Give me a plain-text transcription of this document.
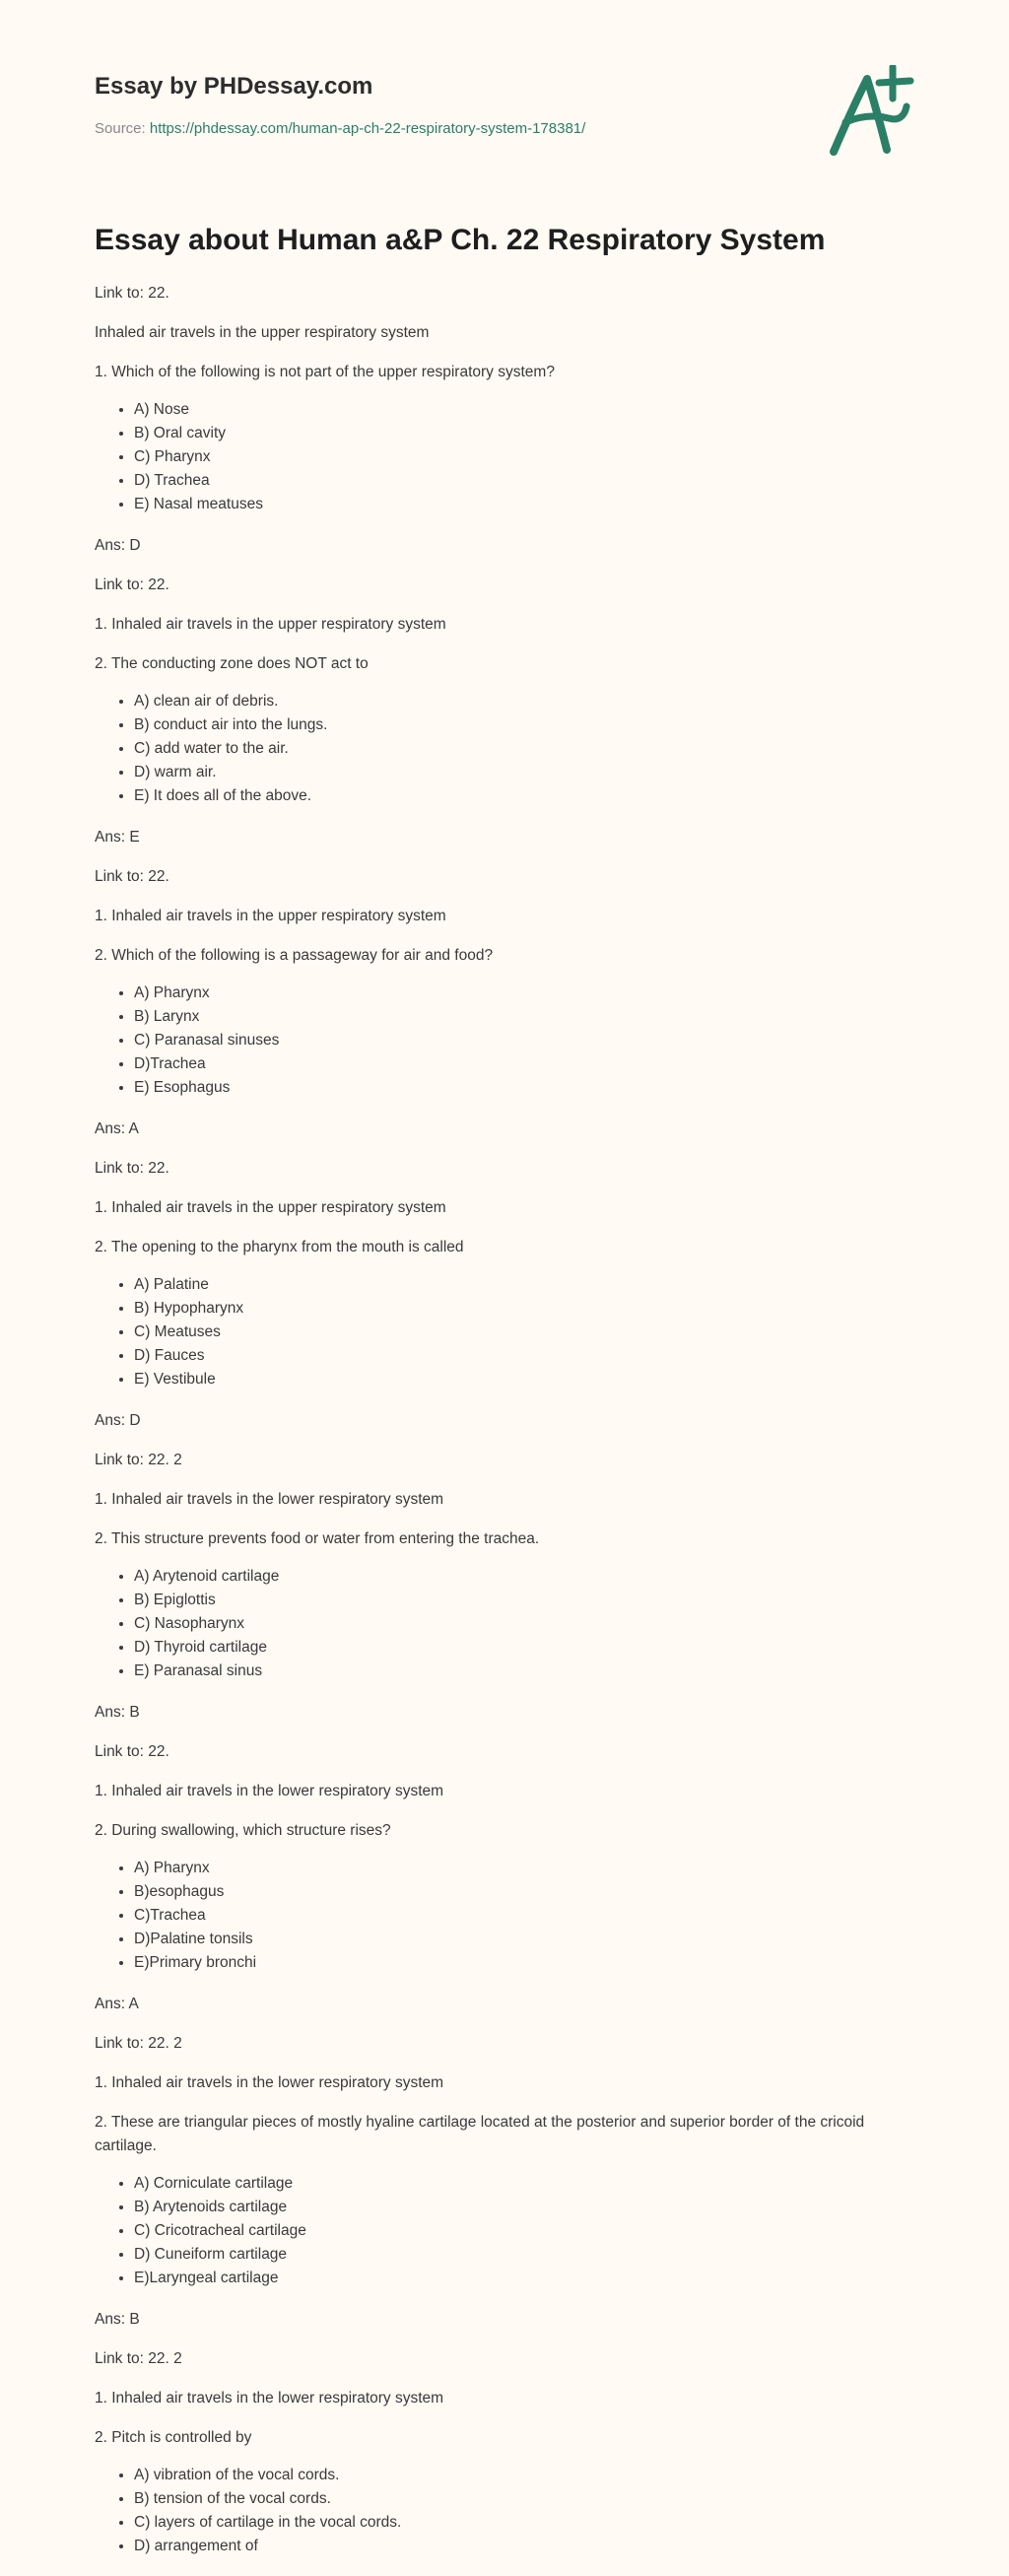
Essay by PHDessay.com
Source: https://phdessay.com/human-ap-ch-22-respiratory-system-178381/
Essay about Human a&P Ch. 22 Respiratory System

Link to: 22.

Inhaled air travels in the upper respiratory system

1. Which of the following is not part of the upper respiratory system?

• A) Nose
• B) Oral cavity
• C) Pharynx
• D) Trachea
• E) Nasal meatuses

Ans: D

Link to: 22.

1. Inhaled air travels in the upper respiratory system

2. The conducting zone does NOT act to

• A) clean air of debris.
• B) conduct air into the lungs.
• C) add water to the air.
• D) warm air.
• E) It does all of the above.

Ans: E

Link to: 22.

1. Inhaled air travels in the upper respiratory system

2. Which of the following is a passageway for air and food?

• A) Pharynx
• B) Larynx
• C) Paranasal sinuses
• D)Trachea
• E) Esophagus

Ans: A

Link to: 22.

1. Inhaled air travels in the upper respiratory system

2. The opening to the pharynx from the mouth is called

• A) Palatine
• B) Hypopharynx
• C) Meatuses
• D) Fauces
• E) Vestibule

Ans: D

Link to: 22. 2

1. Inhaled air travels in the lower respiratory system

2. This structure prevents food or water from entering the trachea.

• A) Arytenoid cartilage
• B) Epiglottis
• C) Nasopharynx
• D) Thyroid cartilage
• E) Paranasal sinus

Ans: B

Link to: 22.

1. Inhaled air travels in the lower respiratory system

2. During swallowing, which structure rises?

• A) Pharynx
• B)esophagus
• C)Trachea
• D)Palatine tonsils
• E)Primary bronchi

Ans: A

Link to: 22. 2

1. Inhaled air travels in the lower respiratory system

2. These are triangular pieces of mostly hyaline cartilage located at the posterior and superior border of the cricoid cartilage.

• A) Corniculate cartilage
• B) Arytenoids cartilage
• C) Cricotracheal cartilage
• D) Cuneiform cartilage
• E)Laryngeal cartilage

Ans: B

Link to: 22. 2

1. Inhaled air travels in the lower respiratory system

2. Pitch is controlled by

• A) vibration of the vocal cords.
• B) tension of the vocal cords.
• C) layers of cartilage in the vocal cords.
• D) arrangement of
